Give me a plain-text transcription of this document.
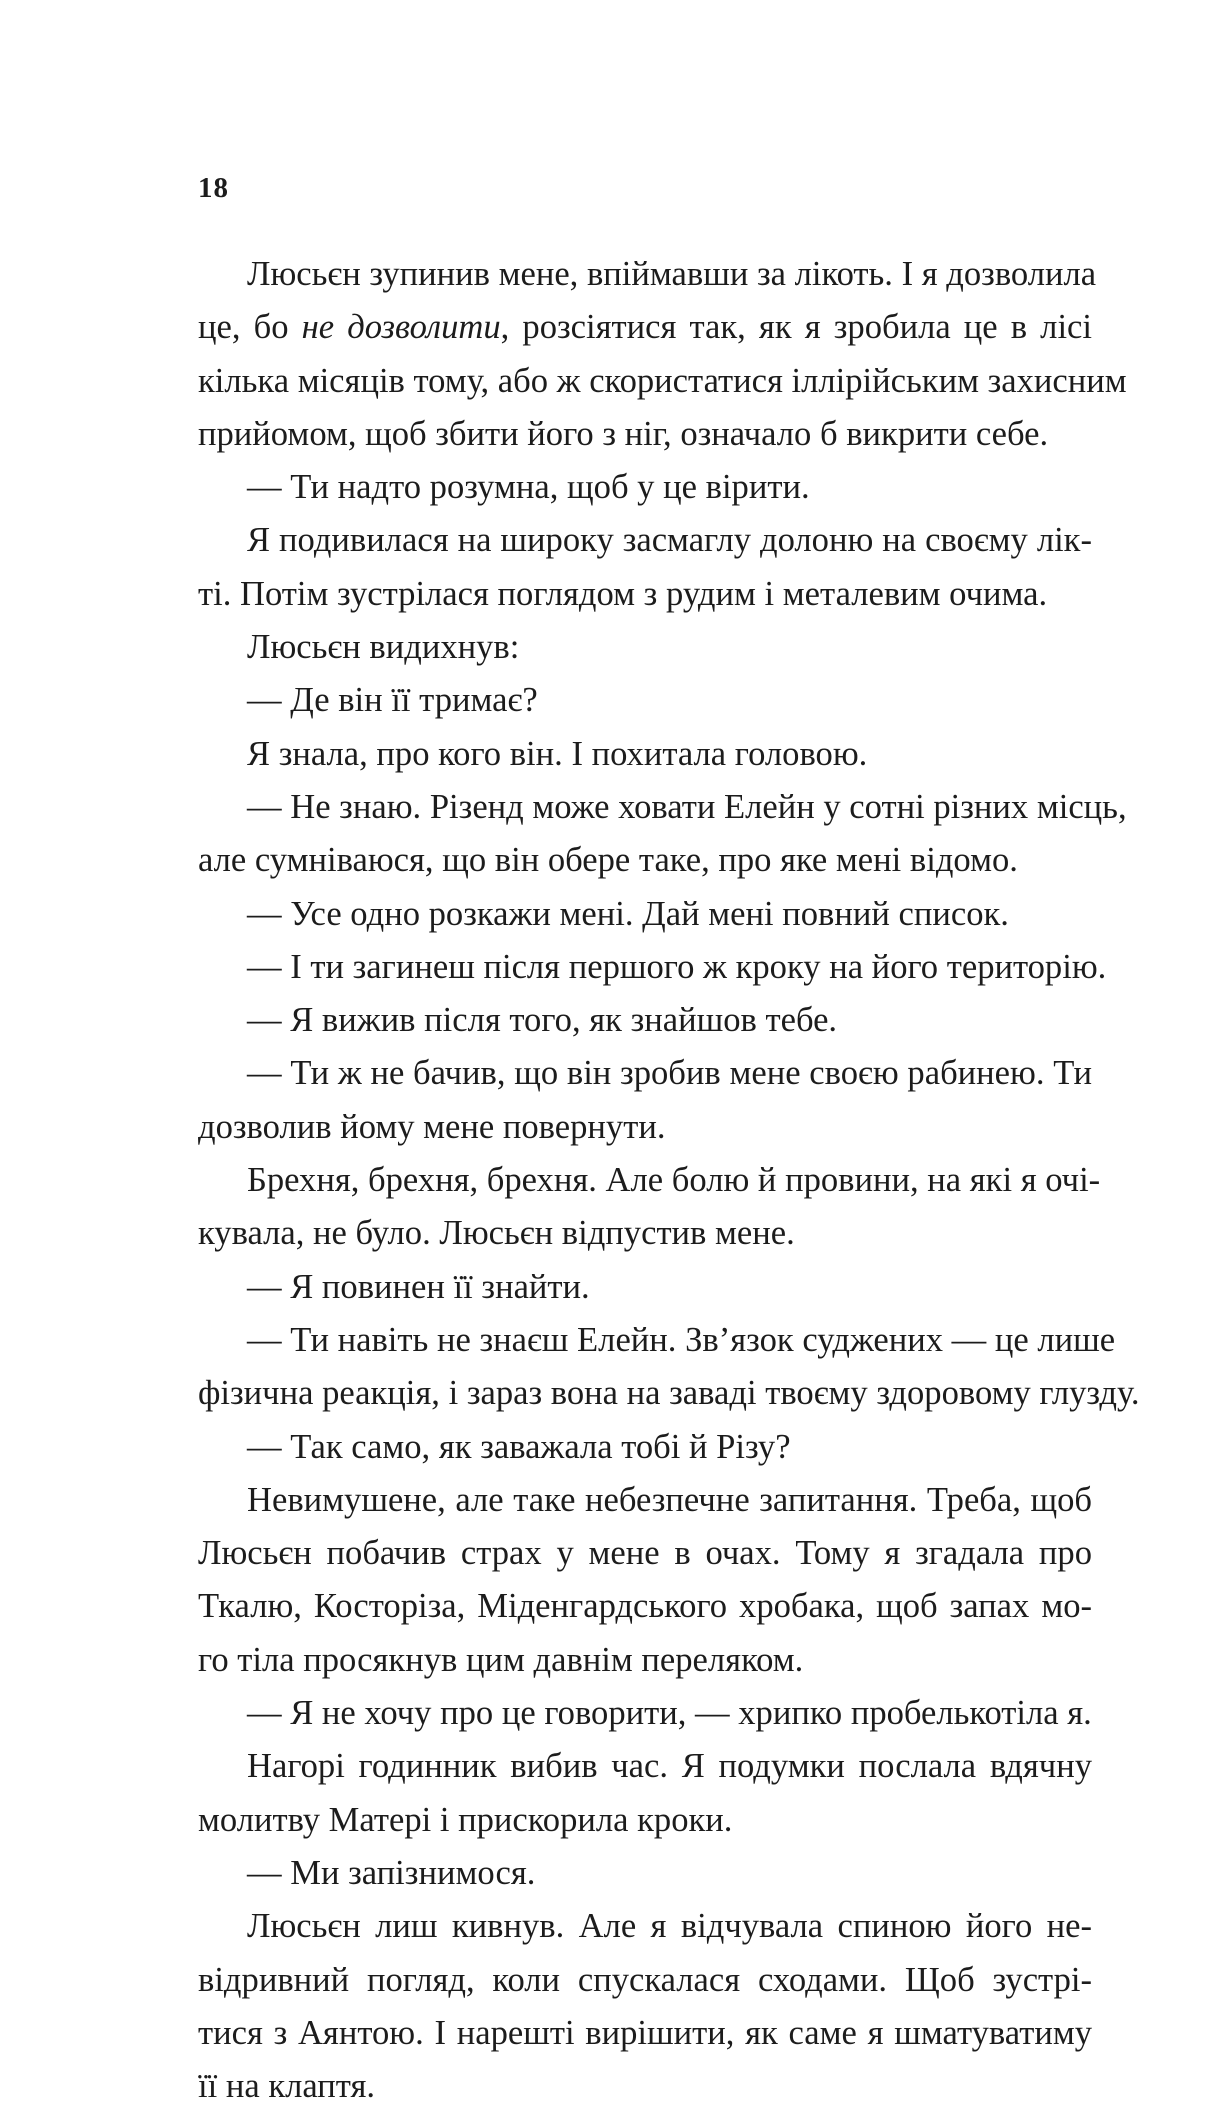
18
Люсьєн зупинив мене, впіймавши за лікоть. І я дозволила
це, бо не дозволити, розсіятися так, як я зробила це в лісі
кілька місяців тому, або ж скористатися іллірійським захисним
прийомом, щоб збити його з ніг, означало б викрити себе.
— Ти надто розумна, щоб у це вірити.
Я подивилася на широку засмаглу долоню на своєму лік-
ті. Потім зустрілася поглядом з рудим і металевим очима.
Люсьєн видихнув:
— Де він її тримає?
Я знала, про кого він. І похитала головою.
— Не знаю. Різенд може ховати Елейн у сотні різних місць,
але сумніваюся, що він обере таке, про яке мені відомо.
— Усе одно розкажи мені. Дай мені повний список.
— І ти загинеш після першого ж кроку на його територію.
— Я вижив після того, як знайшов тебе.
— Ти ж не бачив, що він зробив мене своєю рабинею. Ти
дозволив йому мене повернути.
Брехня, брехня, брехня. Але болю й провини, на які я очі-
кувала, не було. Люсьєн відпустив мене.
— Я повинен її знайти.
— Ти навіть не знаєш Елейн. Зв’язок суджених — це лише
фізична реакція, і зараз вона на заваді твоєму здоровому глузду.
— Так само, як заважала тобі й Різу?
Невимушене, але таке небезпечне запитання. Треба, щоб
Люсьєн побачив страх у мене в очах. Тому я згадала про
Ткалю, Косторіза, Міденгардського хробака, щоб запах мо-
го тіла просякнув цим давнім переляком.
— Я не хочу про це говорити, — хрипко пробелькотіла я.
Нагорі годинник вибив час. Я подумки послала вдячну
молитву Матері і прискорила кроки.
— Ми запізнимося.
Люсьєн лиш кивнув. Але я відчувала спиною його не-
відривний погляд, коли спускалася сходами. Щоб зустрі-
тися з Аянтою. І нарешті вирішити, як саме я шматуватиму
її на клаптя.
